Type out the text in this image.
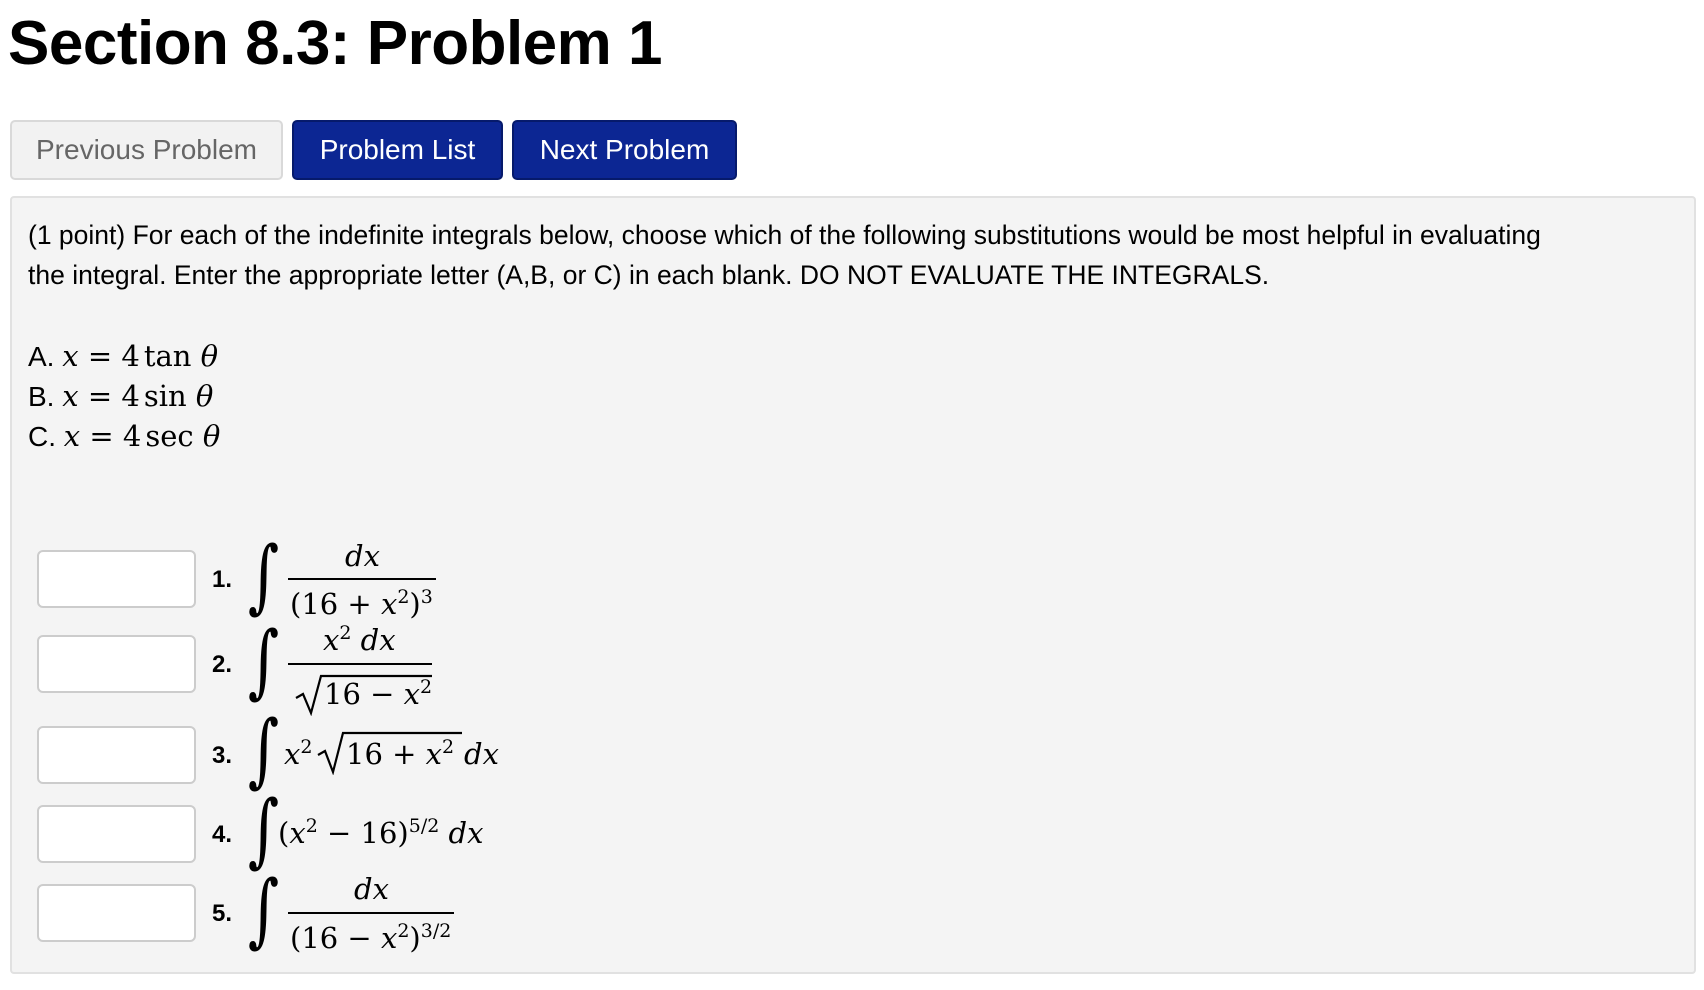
Section 8.3: Problem 1
Previous Problem	Problem List	Next Problem
(1 point) For each of the indefinite integrals below, choose which of the following substitutions would be most helpful in evaluating
the integral. Enter the appropriate letter (A,B, or C) in each blank. DO NOT EVALUATE THE INTEGRALS.
A. x = 4 tan θ
B. x = 4 sin θ
C. x = 4 sec θ
1. ∫ dx
$(16 + x^2)^3$
2. ∫ $x^2$ dx
$16 - x^2$
3. ∫ $x^2$ $16 + x^2$ dx
4. ∫
$(x^2 - 16)^{5/2}$ dx
5. ∫	dx
$(16 - x^2)^{3/2}$
